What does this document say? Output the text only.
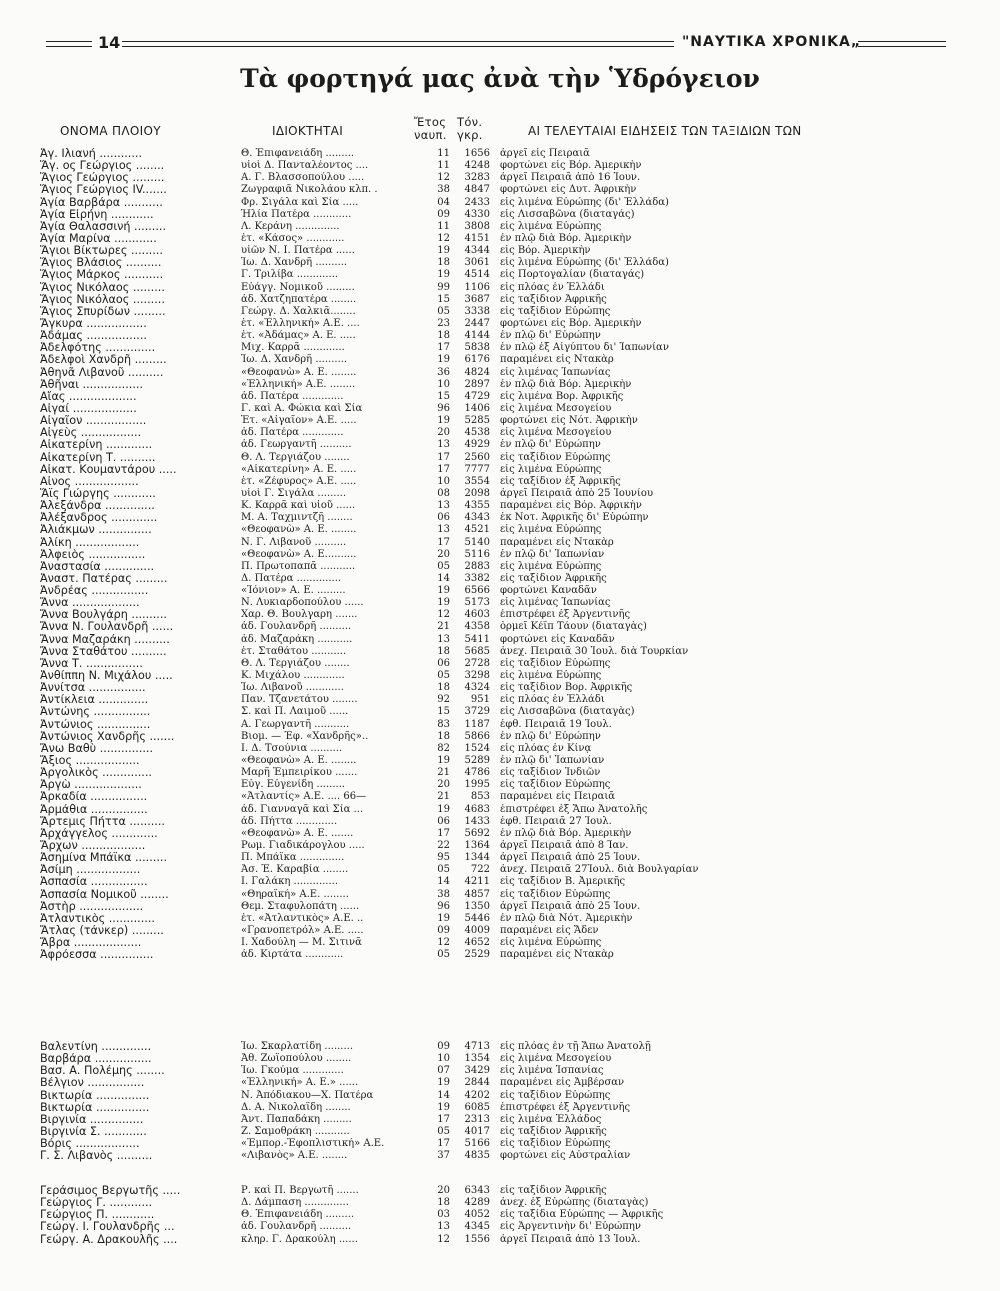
14	"ΝΑΥΤΙΚΑ ΧΡΟΝΙΚΑ„
Τὰ φορτηγά μας ἀνὰ τὴν Ὑδρόγειον
ΟΝΟΜΑ ΠΛΟΙΟΥ	ΙΔΙΟΚΤΗΤΑΙ
Ἔτος
ναυπ.
Τόν.
γκρ.	ΑΙ ΤΕΛΕΥΤΑΙΑΙ ΕΙΔΗΣΕΙΣ ΤΩΝ ΤΑΞΙΔΙΩΝ ΤΩΝ
Ἀγ. Ιλιανή ............	Θ. Ἐπιφανειάδη .........	11	1656 ἀργεῖ εἰς Πειραιᾶ
Ἅγ. ος Γεώργιος ........	υἱοὶ Δ. Πανταλέοντος ....	11	4248 φορτώνει εἰς Βόρ. Ἀμερικὴν
Ἅγιος Γεώργιος .........	Α. Γ. Βλασσοπούλου .....	12	3283 ἀργεῖ Πειραιᾶ ἀπὸ 16 Ἰουν.
Ἅγιος Γεώργιος IV.......	Ζωγραφιᾶ Νικολάου κλπ. .	38	4847 φορτώνει εἰς Δυτ. Ἀφρικὴν
Ἁγία Βαρβάρα ...........	Φρ. Σιγάλα καὶ Σία .....	04	2433 εἰς λιμένα Εὐρώπης (δι' Ἑλλάδα)
Ἁγία Εἰρήνη ............	Ἡλία Πατέρα ............	09	4330 εἰς Λισσαβῶνα (διαταγάς)
Ἁγία Θαλασσινή .........	Λ. Κεράνη ..............	11	3808 εἰς λιμένα Εὐρώπης
Ἁγία Μαρίνα ............	ἑτ. «Κάσος» ............	12	4151 ἐν πλῷ διὰ Βόρ. Ἀμερικὴν
Ἅγιοι Βίκτωρες .........	υἱῶν Ν. Ι. Πατέρα ......	19	4344 εἰς Βόρ. Ἀμερικὴν
Ἅγιος Βλάσιος ..........	Ἰω. Δ. Χανδρῆ ..........	18	3061 εἰς λιμένα Εὐρώπης (δι' Ἑλλάδα)
Ἅγιος Μάρκος ...........	Γ. Τριλίβα .............	19	4514 εἰς Πορτογαλίαν (διαταγάς)
Ἅγιος Νικόλαος .........	Εὐάγγ. Νομικοῦ .........	99	1106 εἰς πλόας ἐν Ἑλλάδι
Ἅγιος Νικόλαος .........	ἀδ. Χατζηπατέρα ........	15	3687 εἰς ταξίδιον Ἀφρικῆς
Ἅγιος Σπυρίδων .........	Γεώργ. Δ. Χαλκιᾶ........	05	3338 εἰς ταξίδιον Εὐρώπης
Ἄγκυρα .................	ἑτ. «Ἑλληνική» Α.Ε. ....	23	2447 φορτώνει εἰς Βόρ. Ἀμερικὴν
Ἀδάμας .................	ἑτ. «Ἀδάμας» Α. Ε. .....	18	4144 ἐν πλῷ δι' Εὐρώπην
Ἀδελφότης ..............	Μιχ. Καρρᾶ .............	17	5838 ἐν πλῷ ἐξ Αἰγύπτου δι' Ἰαπωνίαν
Ἀδελφοὶ Χανδρῆ .........	Ἰω. Δ. Χανδρῆ ..........	19	6176 παραμένει εἰς Ντακὰρ
Ἀθηνᾶ Λιβανοῦ ..........	«Θεοφανὼ» Α. Ε. ........	36	4824 εἰς λιμένας Ἰαπωνίας
Ἀθῆναι .................	«Ἑλληνική» Α.Ε. ........	10	2897 ἐν πλῷ διὰ Βόρ. Ἀμερικὴν
Αἴας ...................	ἀδ. Πατέρα .............	15	4729 εἰς λιμένα Βορ. Ἀφρικῆς
Αἰγαί ..................	Γ. καὶ Α. Φώκια καὶ Σία	96	1406 εἰς λιμένα Μεσογείου
Αἰγαῖον .................	Ἑτ. «Αἰγαῖον» Α.Ε. .....	19	5285 φορτώνει εἰς Νότ. Ἀφρικὴν
Αἰγεὺς .................	ἀδ. Πατέρα .............	20	4538 εἰς λιμένα Μεσογείου
Αἰκατερίνη .............	ἀδ. Γεωργαντῆ ..........	13	4929 ἐν πλῷ δι' Εὐρώπην
Αἰκατερίνη Τ. ..........	Θ. Λ. Τεργιάζου ........	17	2560 εἰς ταξίδιον Εὐρώπης
Αἰκατ. Κουμαντάρου .....	«Αἰκατερίνη» Α. Ε. .....	17	7777 εἰς λιμένα Εὐρώπης
Αἶνος ..................	ἑτ. «Ζέφυρος» Α.Ε. .....	10	3554 εἰς ταξίδιον ἐξ Ἀφρικῆς
Ἅϊς Γιώργης ............	υἱοὶ Γ. Σιγάλα .........	08	2098 ἀργεῖ Πειραιᾶ ἀπὸ 25 Ἰουνίου
Ἀλεξάνδρα ..............	Κ. Καρρᾶ καὶ υἱοῦ ......	13	4355 παραμένει εἰς Βόρ. Ἀφρικὴν
Ἀλέξανδρος .............	Μ. Α. Ταχμιντζῆ ........	06	4343 ἐκ Νοτ. Ἀφρικῆς δι' Εὐρώπην
Ἀλιάκμων ...............	«Θεοφανὼ» Α. Ε. ........	13	4521 εἰς λιμένα Εὐρώπης
Ἀλίκη ..................	Ν. Γ. Λιβανοῦ ..........	17	5140 παραμένει εἰς Ντακὰρ
Ἀλφειὸς ................	«Θεοφανὼ» Α. Ε..........	20	5116 ἐν πλῷ δι' Ἰαπωνίαν
Ἀναστασία ..............	Π. Πρωτοπαπᾶ ...........	05	2883 εἰς λιμένα Εὐρώπης
Ἀναστ. Πατέρας .........	Δ. Πατέρα ..............	14	3382 εἰς ταξίδιον Ἀφρικῆς
Ἀνδρέας ................	«Ἰόνιον» Α. Ε. .........	19	6566 φορτώνει Καναδᾶν
Ἄννα ...................	Ν. Λυκιαρδοπούλου ......	19	5173 εἰς λιμένας Ἰαπωνίας
Ἄννα Βουλγάρη ..........	Χαρ. Θ. Βουλγαρη .......	12	4603 ἐπιστρέφει ἐξ Ἀργεντινῆς
Ἄννα Ν. Γουλανδρῆ ......	ἀδ. Γουλανδρῆ ..........	21	4358 ὁρμεῖ Κέϊπ Τάουν (διαταγὰς)
Ἄννα Μαζαράκη ..........	ἀδ. Μαζαράκη ...........	13	5411 φορτώνει εἰς Καναδᾶν
Ἄννα Σταθάτου ..........	ἑτ. Σταθάτου ...........	18	5685 ἀνεχ. Πειραιᾶ 30 Ἰουλ. διὰ Τουρκίαν
Ἄννα Τ. ................	Θ. Λ. Τεργιάζου ........	06	2728 εἰς ταξίδιον Εὐρώπης
Ἀνθίππη Ν. Μιχάλου .....	Κ. Μιχάλου .............	05	3298 εἰς λιμένα Εὐρώπης
Ἀννίτσα ................	Ἰω. Λιβανοῦ ............	18	4324 εἰς ταξίδιον Βορ. Ἀφρικῆς
Ἀντίκλεια ..............	Παν. Τζανετάτου ........	92	951 εἰς πλόας ἐν Ἑλλάδι
Ἀντώνης ................	Σ. καὶ Π. Λαιμοῦ ......	15	3729 εἰς Λισσαβῶνα (διαταγὰς)
Ἀντώνιος ...............	Α. Γεωργαντῆ ...........	83	1187 ἐφθ. Πειραιᾶ 19 Ἰουλ.
Ἀντώνιος Χανδρῆς .......	Βιομ. — Ἐφ. «Χανδρῆς»..	18	5866 ἐν πλῷ δι' Εὐρώπην
Ἄνω Βαθὺ ...............	Ι. Δ. Τσούνια ..........	82	1524 εἰς πλόας ἐν Κίνᾳ
Ἄξιος ..................	«Θεοφανὼ» Α. Ε. ........	19	5289 ἐν πλῷ δι' Ἰαπωνίαν
Ἀργολικὸς ..............	Μαρῆ Ἐμπειρίκου .......	21	4786 εἰς ταξίδιον Ἰνδιῶν
Ἀργὼ ...................	Εὐγ. Εὐγενίδη .........	20	1995 εἰς ταξίδιον Εὐρώπης
Ἀρκαδία ................	«Ἀτλαντίς» Α.Ε. .... 66—	21	853 παραμένει εἰς Πειραιᾶ
Ἀρμάθια ................	ἀδ. Γιανναγᾶ καὶ Σία ...	19	4683 ἐπιστρέφει ἐξ Ἄπω Ἀνατολῆς
Ἄρτεμις Πήττα ..........	ἀδ. Πήττα .............	06	1433 ἐφθ. Πειραιᾶ 27 Ἰουλ.
Ἀρχάγγελος .............	«Θεοφανὼ» Α. Ε. .......	17	5692 ἐν πλῷ διὰ Βόρ. Ἀμερικὴν
Ἄρχων ..................	Ρωμ. Γιαδικάρογλου .....	22	1364 ἀργεῖ Πειραιᾶ ἀπὸ 8 Ἰαν.
Ἀσημίνα Μπάϊκα .........	Π. Μπάϊκα ..............	95	1344 ἀργεῖ Πειραιᾶ ἀπὸ 25 Ἰουν.
Ἀσίμη ..................	Ἀσ. Ἐ. Καραβία ........	05	722 ἀνεχ. Πειραιᾶ 27Ἰουλ. διὰ Βουλγαρίαν
Ἀσπασία ................	Ι. Γαλάκη ..............	14	4211 εἰς ταξίδιον Β. Ἀμερικῆς
Ἀσπασία Νομικοῦ ........	«Θηραϊκή» Α.Ε. ........	38	4857 εἰς ταξίδιον Εὐρώπης
Ἀστὴρ ..................	Θεμ. Σταφυλοπάτη ......	96	1350 ἀργεῖ Πειραιᾶ ἀπὸ 25 Ἰουν.
Ἀτλαντικὸς .............	ἑτ. «Ἀτλαντικὸς» Α.Ε. ..	19	5446 ἐν πλῷ διὰ Νότ. Ἀμερικὴν
Ἄτλας (τάνκερ) .........	«Γρανοπετρόλ» Α.Ε. .....	09	4009 παραμένει εἰς Ἄδεν
Ἄβρα ...................	Ι. Χαδούλη — Μ. Σιτινᾶ	12	4652 εἰς λιμένα Εὐρώπης
Ἀφρόεσσα ...............	ἀδ. Κιρτάτα ............	05	2529 παραμένει εἰς Ντακὰρ
Βαλεντίνη ..............	Ἰω. Σκαρλατίδη .........	09	4713 εἰς πλόας ἐν τῇ Ἄπω Ἀνατολῇ
Βαρβάρα ................	Ἀθ. Ζωϊοπούλου ........	10	1354 εἰς λιμένα Μεσογείου
Βασ. Α. Πολέμης ........	Ἰω. Γκούμα .............	07	3429 εἰς λιμένα Ἱσπανίας
Βέλγιον ................	«Ἑλληνική» Α. Ε.» ......	19	2844 παραμένει εἰς Ἀμβέρσαν
Βικτωρία ...............	Ν. Ἀπόδιακου—Χ. Πατέρα	14	4202 εἰς ταξίδιον Εὐρώπης
Βικτωρία ...............	Δ. Α. Νικολαΐδη ........	19	6085 ἐπιστρέφει ἐξ Ἀργεντινῆς
Βιργινία ...............	Ἀντ. Παπαδάκη .........	17	2313 εἰς λιμένα Ἑλλάδος
Βιργινία Σ. ............	Ζ. Σαμοθράκη ...........	05	4017 εἰς ταξίδιον Ἀφρικῆς
Βόρις ..................	«Ἐμπορ.-Ἐφοπλιστική» Α.Ε.	17	5166 εἰς ταξίδιον Εὐρώπης
Γ. Σ. Λιβανὸς ..........	«Λιβανὸς» Α.Ε. ........	37	4835 φορτώνει εἰς Αὐστραλίαν
Γεράσιμος Βεργωτῆς .....	Ρ. καὶ Π. Βεργωτῆ .......	20	6343 εἰς ταξίδιον Ἀφρικῆς
Γεώργιος Γ. ............	Δ. Δάμπαση ..............	18	4289 ἀνεχ. ἐξ Εὐρώπης (διαταγὰς)
Γεώργιος Π. ............	Θ. Ἐπιφανειάδη .........	03	4052 εἰς ταξίδια Εὐρώπης — Ἀφρικῆς
Γεώργ. Ι. Γουλανδρῆς ...	ἀδ. Γουλανδρῆ ..........	13	4345 εἰς Ἀργεντινὴν δι' Εὐρώπην
Γεώργ. Α. Δρακουλῆς ....	κληρ. Γ. Δρακούλη ......	12	1556 ἀργεῖ Πειραιᾶ ἀπὸ 13 Ἰουλ.
